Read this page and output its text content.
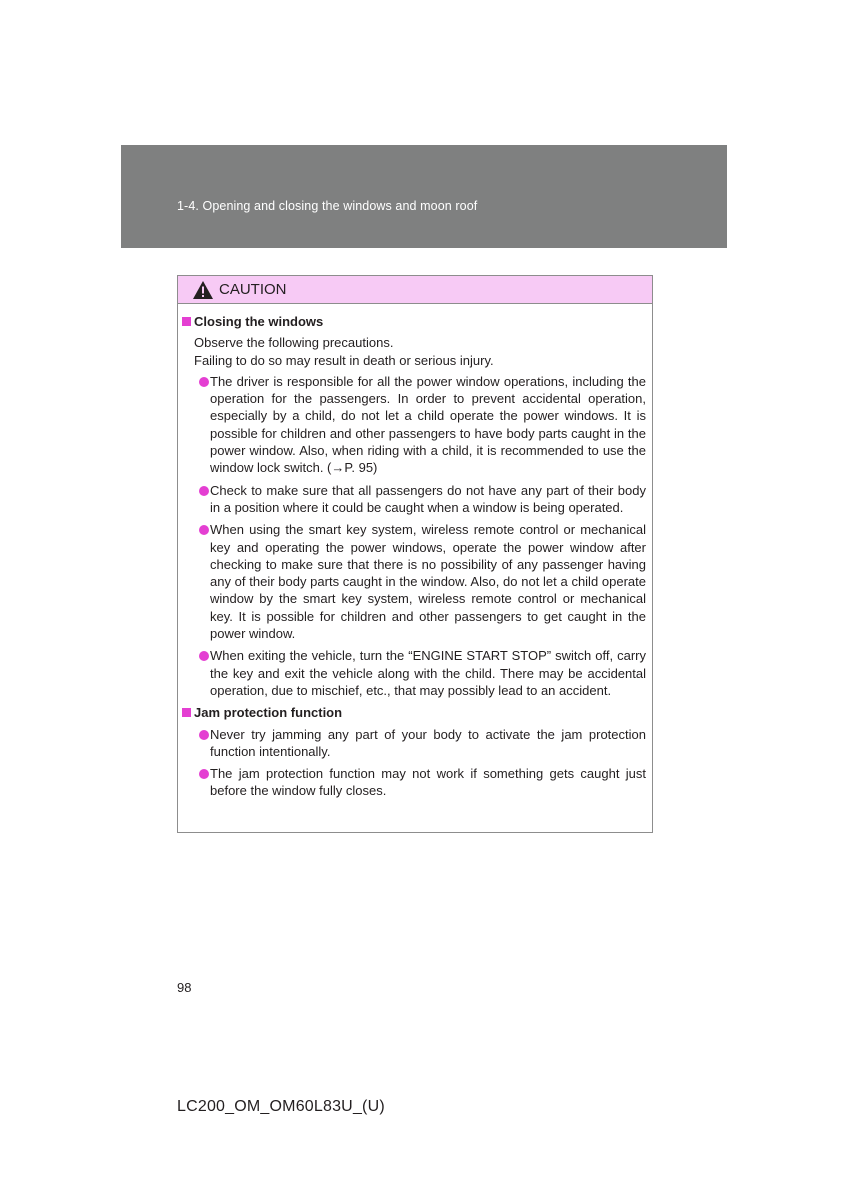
1-4. Opening and closing the windows and moon roof
CAUTION
Closing the windows

Observe the following precautions.

Failing to do so may result in death or serious injury.

The driver is responsible for all the power window operations, including the operation for the passengers. In order to prevent accidental operation, especially by a child, do not let a child operate the power windows. It is possible for children and other passengers to have body parts caught in the power window. Also, when riding with a child, it is recommended to use the window lock switch. (→P. 95)
Check to make sure that all passengers do not have any part of their body in a position where it could be caught when a window is being operated.
When using the smart key system, wireless remote control or mechanical key and operating the power windows, operate the power window after checking to make sure that there is no possibility of any passenger having any of their body parts caught in the window. Also, do not let a child operate window by the smart key system, wireless remote control or mechanical key. It is possible for children and other passengers to get caught in the power window.
When exiting the vehicle, turn the “ENGINE START STOP” switch off, carry the key and exit the vehicle along with the child. There may be accidental operation, due to mischief, etc., that may possibly lead to an accident.
Jam protection function
Never try jamming any part of your body to activate the jam protection function intentionally.
The jam protection function may not work if something gets caught just before the window fully closes.
98
LC200_OM_OM60L83U_(U)
